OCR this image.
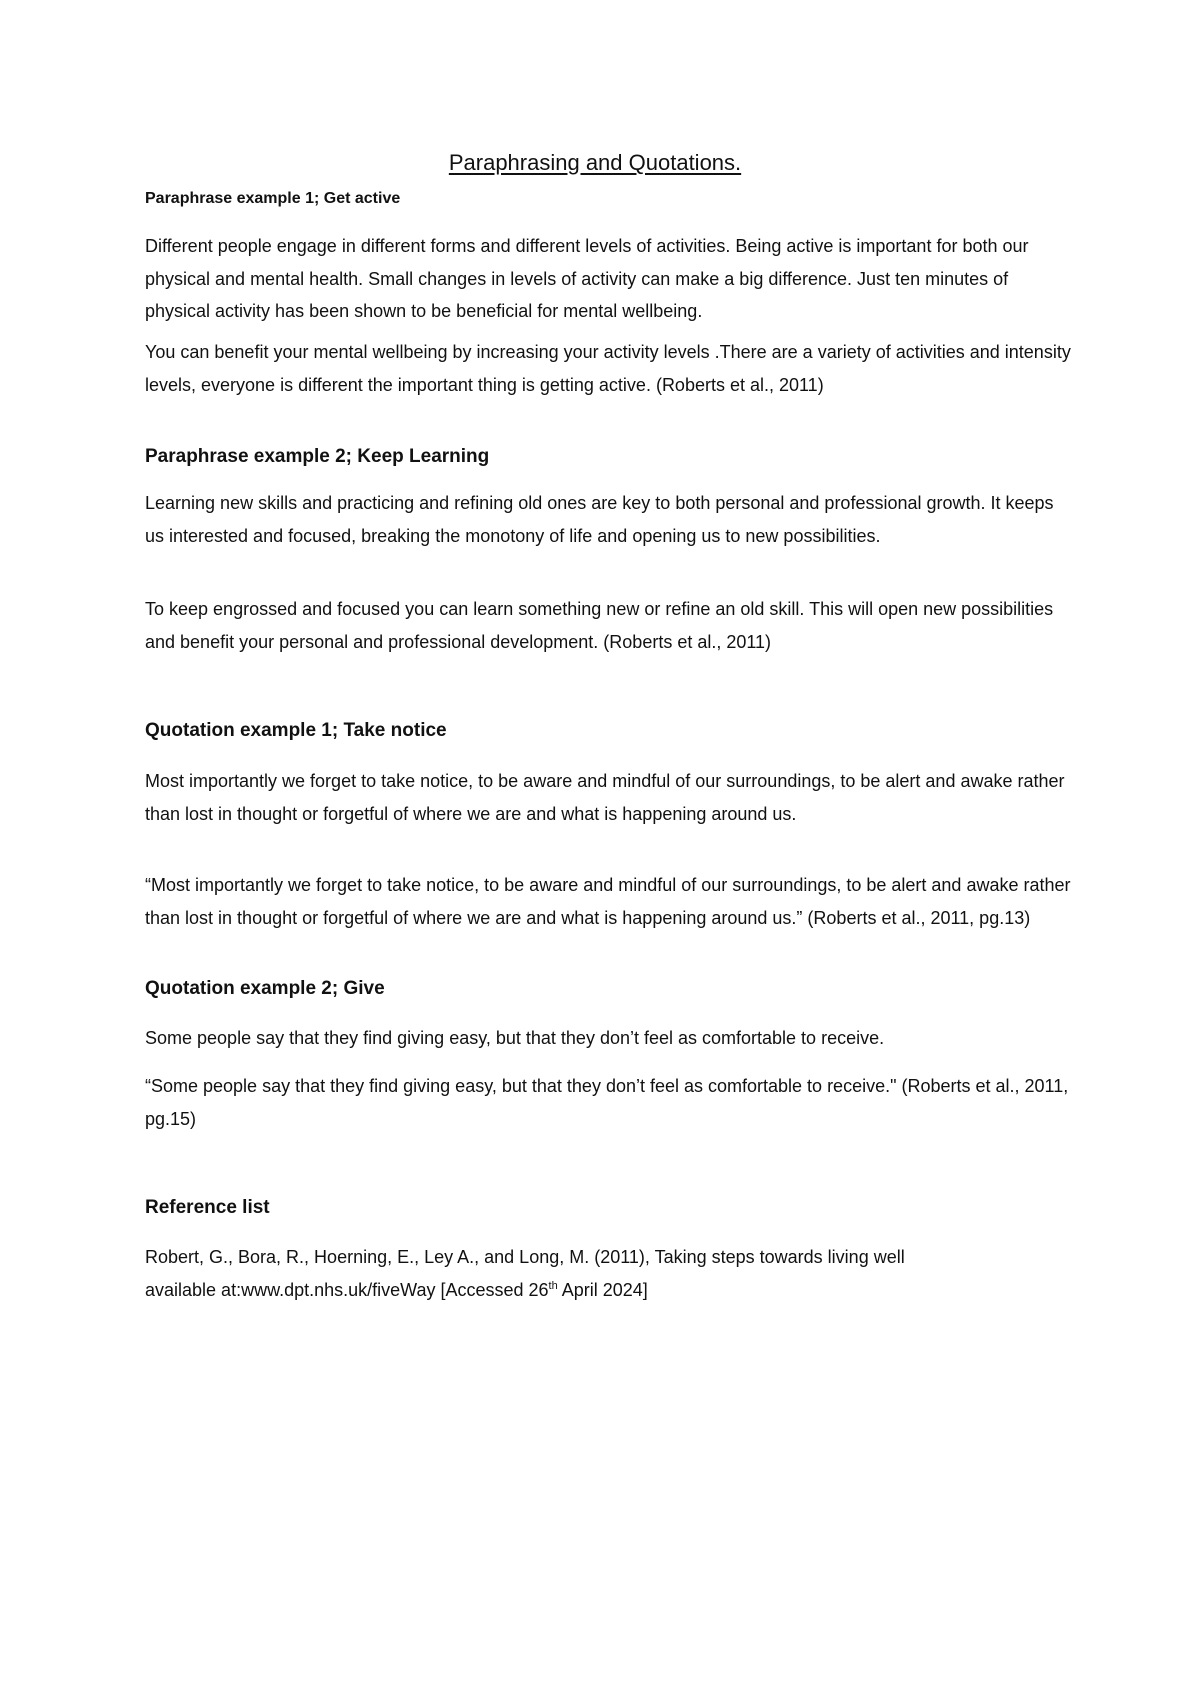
Paraphrasing and Quotations.
Paraphrase example 1; Get active

Different people engage in different forms and different levels of activities. Being active is important for both our physical and mental health. Small changes in levels of activity can make a big difference. Just ten minutes of physical activity has been shown to be beneficial for mental wellbeing.

You can benefit your mental wellbeing by increasing your activity levels .There are a variety of activities and intensity levels, everyone is different the important thing is getting active. (Roberts et al., 2011)

Paraphrase example 2; Keep Learning

Learning new skills and practicing and refining old ones are key to both personal and professional growth. It keeps us interested and focused, breaking the monotony of life and opening us to new possibilities.

To keep engrossed and focused you can learn something new or refine an old skill. This will open new possibilities and benefit your personal and professional development. (Roberts et al., 2011)

Quotation example 1; Take notice

Most importantly we forget to take notice, to be aware and mindful of our surroundings, to be alert and awake rather than lost in thought or forgetful of where we are and what is happening around us.

“Most importantly we forget to take notice, to be aware and mindful of our surroundings, to be alert and awake rather than lost in thought or forgetful of where we are and what is happening around us.” (Roberts et al., 2011, pg.13)

Quotation example 2; Give

Some people say that they find giving easy, but that they don’t feel as comfortable to receive.

“Some people say that they find giving easy, but that they don’t feel as comfortable to receive." (Roberts et al., 2011, pg.15)

Reference list

Robert, G., Bora, R., Hoerning, E., Ley A., and Long, M. (2011), Taking steps towards living well
available at:www.dpt.nhs.uk/fiveWay [Accessed 26th April 2024]
